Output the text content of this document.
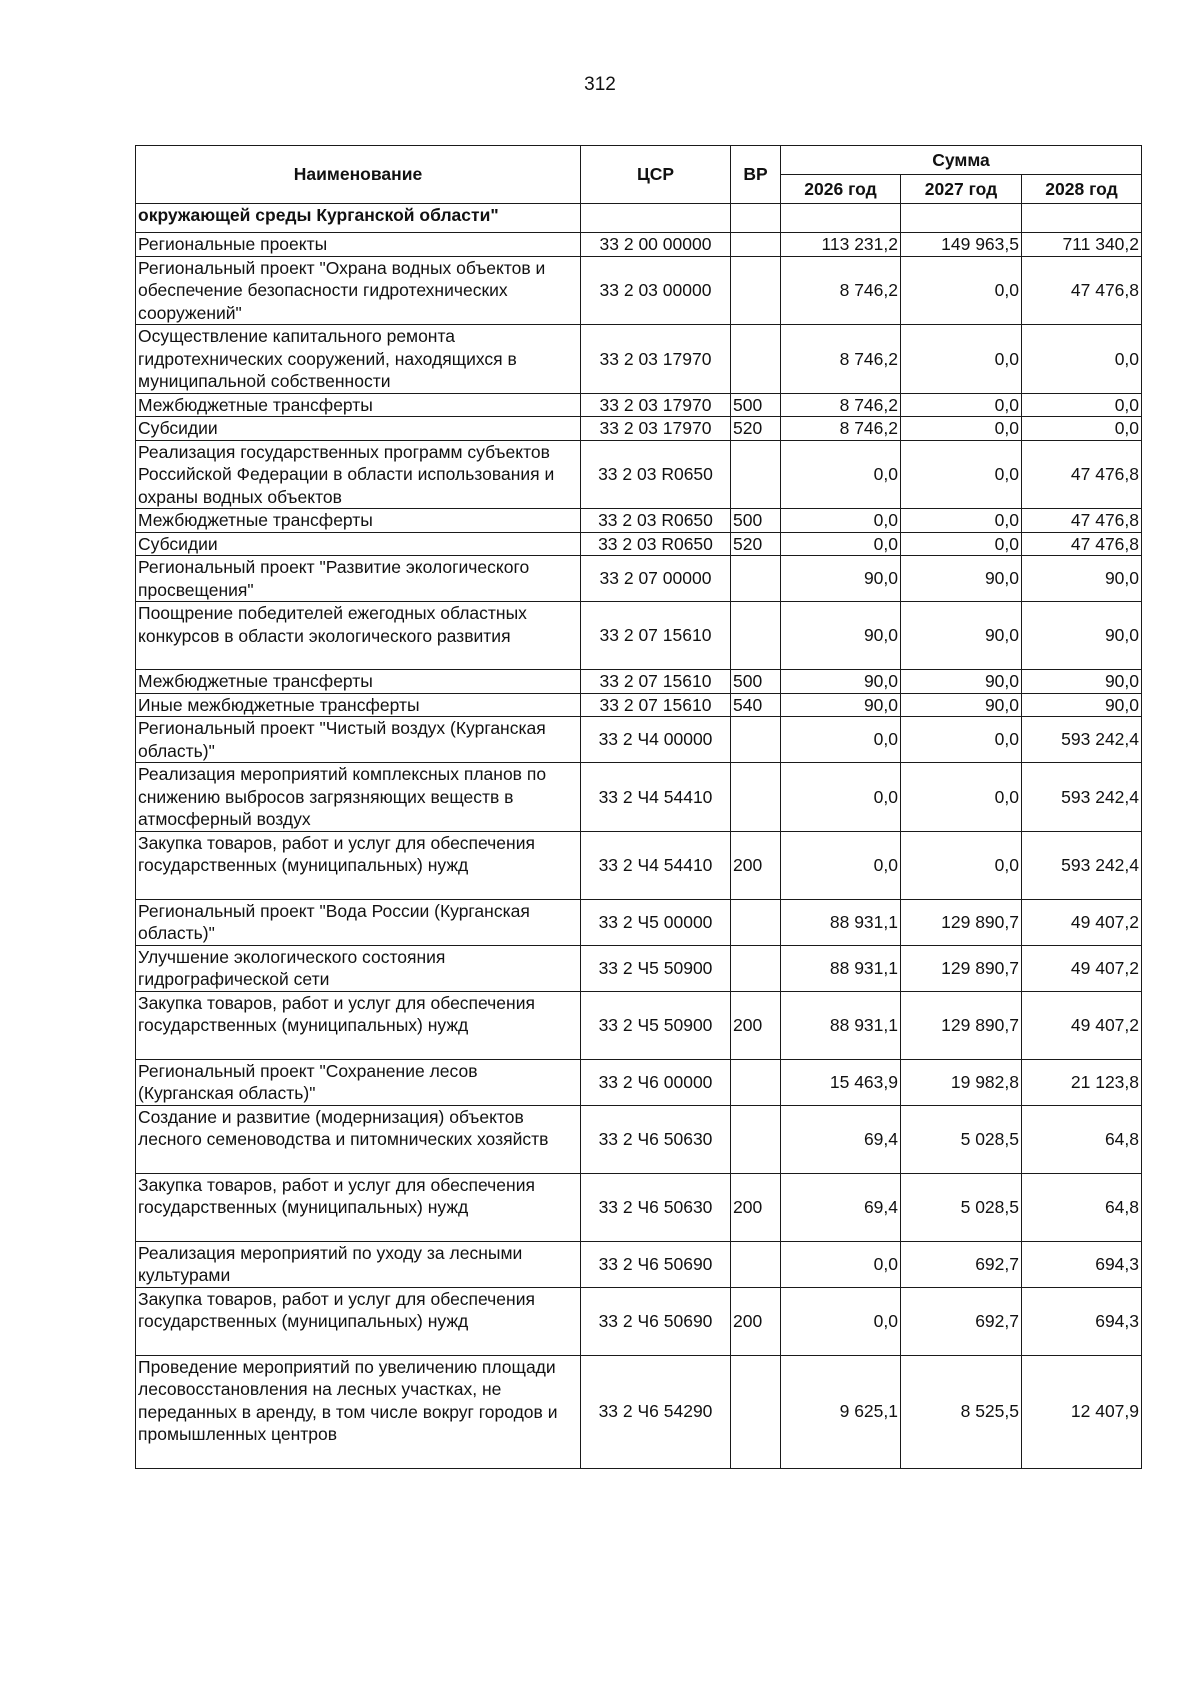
312
Наименование	ЦСР	ВР	Сумма		
			2026 год	2027 год	2028 год
окружающей среды Курганской области"					
Региональные проекты	33 2 00 00000		113 231,2	149 963,5	711 340,2
Региональный проект "Охрана водных объектов и обеспечение безопасности гидротехнических сооружений"	33 2 03 00000		8 746,2	0,0	47 476,8
Осуществление капитального ремонта гидротехнических сооружений, находящихся в муниципальной собственности	33 2 03 17970		8 746,2	0,0	0,0
Межбюджетные трансферты	33 2 03 17970	500	8 746,2	0,0	0,0
Субсидии	33 2 03 17970	520	8 746,2	0,0	0,0
Реализация государственных программ субъектов Российской Федерации в области использования и охраны водных объектов	33 2 03 R0650		0,0	0,0	47 476,8
Межбюджетные трансферты	33 2 03 R0650	500	0,0	0,0	47 476,8
Субсидии	33 2 03 R0650	520	0,0	0,0	47 476,8
Региональный проект "Развитие экологического просвещения"	33 2 07 00000		90,0	90,0	90,0
Поощрение победителей ежегодных областных конкурсов в области экологического развития	33 2 07 15610		90,0	90,0	90,0
Межбюджетные трансферты	33 2 07 15610	500	90,0	90,0	90,0
Иные межбюджетные трансферты	33 2 07 15610	540	90,0	90,0	90,0
Региональный проект "Чистый воздух (Курганская область)"	33 2 Ч4 00000		0,0	0,0	593 242,4
Реализация мероприятий комплексных планов по снижению выбросов загрязняющих веществ в атмосферный воздух	33 2 Ч4 54410		0,0	0,0	593 242,4
Закупка товаров, работ и услуг для обеспечения государственных (муниципальных) нужд	33 2 Ч4 54410	200	0,0	0,0	593 242,4
Региональный проект "Вода России (Курганская область)"	33 2 Ч5 00000		88 931,1	129 890,7	49 407,2
Улучшение экологического состояния гидрографической сети	33 2 Ч5 50900		88 931,1	129 890,7	49 407,2
Закупка товаров, работ и услуг для обеспечения государственных (муниципальных) нужд	33 2 Ч5 50900	200	88 931,1	129 890,7	49 407,2
Региональный проект "Сохранение лесов (Курганская область)"	33 2 Ч6 00000		15 463,9	19 982,8	21 123,8
Создание и развитие (модернизация) объектов лесного семеноводства и питомнических хозяйств	33 2 Ч6 50630		69,4	5 028,5	64,8
Закупка товаров, работ и услуг для обеспечения государственных (муниципальных) нужд	33 2 Ч6 50630	200	69,4	5 028,5	64,8
Реализация мероприятий по уходу за лесными культурами	33 2 Ч6 50690		0,0	692,7	694,3
Закупка товаров, работ и услуг для обеспечения государственных (муниципальных) нужд	33 2 Ч6 50690	200	0,0	692,7	694,3
Проведение мероприятий по увеличению площади лесовосстановления на лесных участках, не переданных в аренду, в том числе вокруг городов и промышленных центров	33 2 Ч6 54290		9 625,1	8 525,5	12 407,9
